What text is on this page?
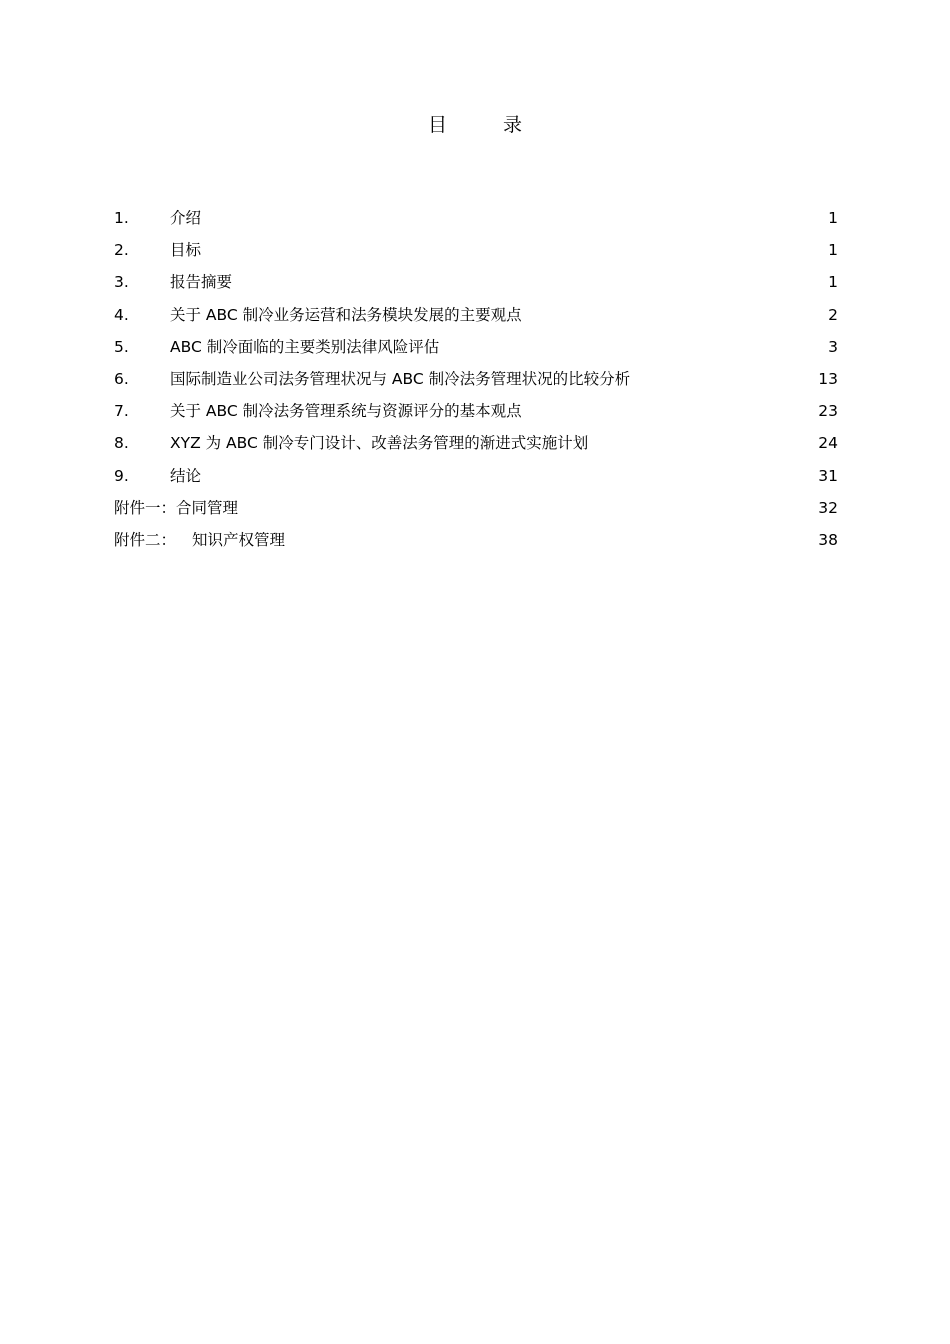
目	录
1.	介绍	1
2.	目标	1
3.	报告摘要	1
4.	关于 ABC 制冷业务运营和法务模块发展的主要观点	2
5.	ABC 制冷面临的主要类别法律风险评估	3
6.	国际制造业公司法务管理状况与 ABC 制冷法务管理状况的比较分析	13
7.	关于 ABC 制冷法务管理系统与资源评分的基本观点	23
8.	XYZ 为 ABC 制冷专门设计、改善法务管理的渐进式实施计划	24
9.	结论	31
附件一：合同管理	32
附件二： 知识产权管理	38
